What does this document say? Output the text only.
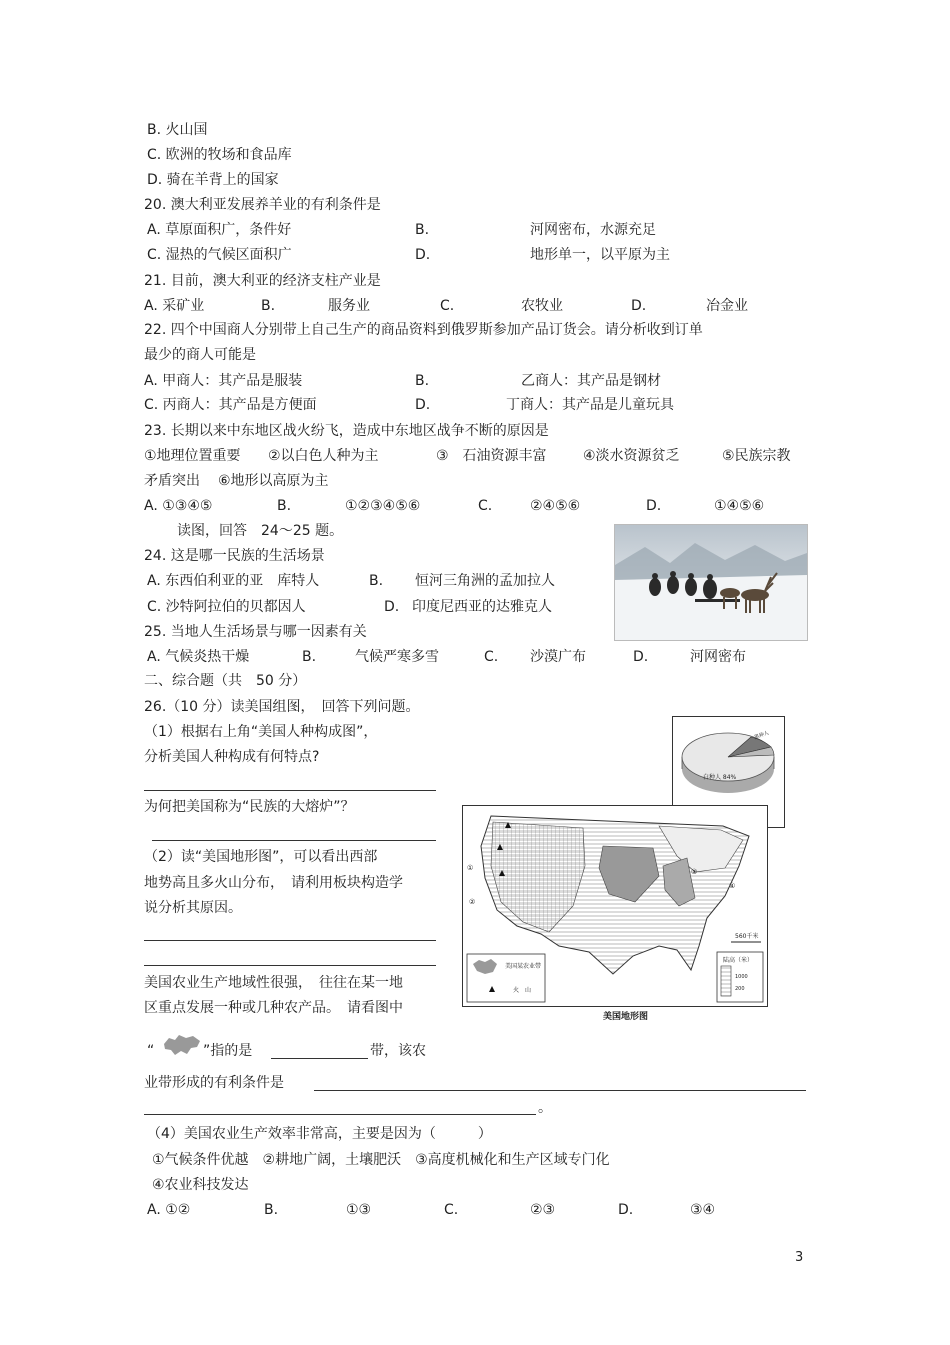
B. 火山国
C. 欧洲的牧场和食品库
D. 骑在羊背上的国家
20. 澳大利亚发展养羊业的有利条件是
A. 草原面积广，条件好	B.	河网密布，水源充足
C. 湿热的气候区面积广	D.	地形单一，以平原为主
21. 目前，澳大利亚的经济支柱产业是
A. 采矿业	B.	服务业	C.	农牧业	D.	冶金业
22. 四个中国商人分别带上自己生产的商品资料到俄罗斯参加产品订货会。请分析收到订单
最少的商人可能是
A. 甲商人：其产品是服装	B.	乙商人：其产品是钢材
C. 丙商人：其产品是方便面	D.	丁商人：其产品是儿童玩具
23. 长期以来中东地区战火纷飞，造成中东地区战争不断的原因是
①地理位置重要 ②以白色人种为主	③　石油资源丰富	④淡水资源贫乏	⑤民族宗教
矛盾突出 ⑥地形以高原为主
A. ①③④⑤	B.	①②③④⑤⑥	C.	②④⑤⑥	D.	①④⑤⑥
读图，回答　24～25 题。
24. 这是哪一民族的生活场景
A. 东西伯利亚的亚　库特人	B. 恒河三角洲的孟加拉人
C. 沙特阿拉伯的贝都因人	D. 印度尼西亚的达雅克人
25. 当地人生活场景与哪一因素有关
A. 气候炎热干燥	B.	气候严寒多雪	C. 沙漠广布	D.	河网密布
二、综合题（共　50 分）
26.（10 分）读美国组图，　回答下列问题。
（1）根据右上角“美国人种构成图”，
分析美国人种构成有何特点?
为何把美国称为“民族的大熔炉”？
（2）读“美国地形图”，可以看出西部
地势高且多火山分布，　请利用板块构造学
说分析其原因。
美国农业生产地域性很强，　往往在某一地
区重点发展一种或几种农产品。　请看图中
“	”指的是	带，该农
业带形成的有利条件是
。
（4）美国农业生产效率非常高，主要是因为（　　　）
①气候条件优越　②耕地广阔，土壤肥沃　③高度机械化和生产区域专门化
④农业科技发达
A. ①②	B.	①③	C.	②③	D.	③④
白种人 84%
黑种人
①
②
③
④
560千米
陆高（米）
1000
200
美国某农业带
火　山
美国地形图
3
